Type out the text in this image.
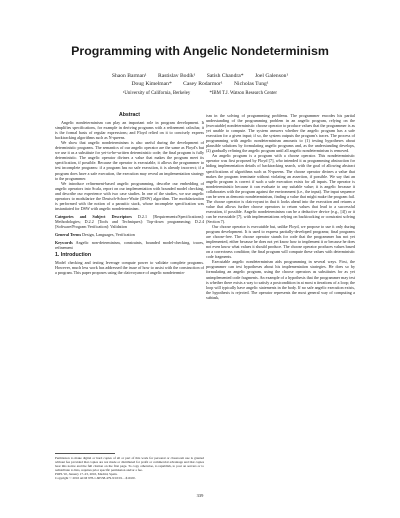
Programming with Angelic Nondeterminism
Shaon Barman¹ Rastislav Bodík¹ Satish Chandra* Joel Galenson¹
Doug Kimelman* Casey Rodarmor¹ Nicholas Tung¹
¹University of California, Berkeley	*IBM T.J. Watson Research Center
Abstract

Angelic nondeterminism can play an important role in program development. It simplifies specifications, for example in deriving programs with a refinement calculus; it is the formal basis of regular expressions; and Floyd relied on it to concisely express backtracking algorithms such as N-queens.

We show that angelic nondeterminism is also useful during the development of deterministic programs. The semantics of our angelic operator are the same as Floyd's but we use it as a substitute for yet-to-be-written deterministic code; the final program is fully deterministic. The angelic operator divines a value that makes the program meet its specification, if possible. Because the operator is executable, it allows the programmer to test incomplete programs: if a program has no safe execution, it is already incorrect; if a program does have a safe execution, the execution may reveal an implementation strategy to the programmer.

We introduce refinement-based angelic programming, describe our embedding of angelic operators into Scala, report on our implementation with bounded model checking, and describe our experience with two case studies. In one of the studies, we use angelic operators to modularize the Deutsch-Schorr-Waite (DSW) algorithm. The modularization is performed with the notion of a parasitic stack, whose incomplete specification was instantiated for DSW with angelic nondeterminism.

Categories and Subject Descriptors D.2.1 [Requirements/Specifications]: Methodologies; D.2.2 [Tools and Techniques]: Top-down programming; D.2.4 [Software/Program Verification]: Validation

General Terms Design, Languages, Verification

Keywords Angelic non-determinism, constraints, bounded model-checking, traces, refinement

1. Introduction

Model checking and testing leverage compute power to validate complete programs. However, much less work has addressed the issue of how to assist with the construction of a program. This paper proposes using the clairvoyance of angelic nondetermin-

Permission to make digital or hard copies of all or part of this work for personal or classroom use is granted without fee provided that copies are not made or distributed for profit or commercial advantage and that copies bear this notice and the full citation on the first page. To copy otherwise, to republish, to post on servers or to redistribute to lists, requires prior specific permission and/or a fee.
POPL'10, January 17–23, 2010, Madrid, Spain.
Copyright © 2010 ACM 978-1-60558-479-9/10/01…$10.00.

ism in the solving of programming problems. The programmer encodes his partial understanding of the programming problem in an angelic program, relying on the (executable) nondeterministic choose operator to produce values that the programmer is as yet unable to compute. The system answers whether the angelic program has a safe execution for a given input; if so, the system outputs the program's traces. The process of programming with angelic nondeterminism amounts to (1) testing hypotheses about plausible solutions by formulating angelic programs and, as the understanding develops, (2) gradually refining the angelic program until all angelic nondeterminism is removed.

An angelic program is a program with a choose operator. This nondeterministic operator was first proposed by Floyd [7], who intended it as programming abstraction for hiding implementation details of backtracking search, with the goal of allowing abstract specifications of algorithms such as N-queens. The choose operator divines a value that makes the program terminate without violating an assertion, if possible. We say that an angelic program is correct if such a safe execution exists for all inputs. The operator is nondeterministic because it can evaluate to any suitable value; it is angelic because it collaborates with the program against the environment (i.e., the input). The input sequence can be seen as demonic nondeterminism, finding a value that might make the program fail. The choose operator is clairvoyant in that it looks ahead into the execution and returns a value that allows further choose operators to return values that lead to a successful execution, if possible. Angelic nondeterminism can be a deductive device (e.g., [4]) or it can be executable [7], with implementations relying on backtracking or constraint solving (Section 7).

Our choose operator is executable but, unlike Floyd, we propose to use it only during program development. It is used to express partially-developed programs; final programs are choose-free. The choose operator stands for code that the programmer has not yet implemented, either because he does not yet know how to implement it or because he does not even know what values it should produce. The choose operator produces values based on a correctness condition; the final program will compute these values with deterministic code fragments.

Executable angelic nondeterminism aids programming in several ways. First, the programmer can test hypotheses about his implementation strategies. He does so by formulating an angelic program, using the choose operators as substitutes for as yet unimplemented code fragments. An example of a hypothesis that the programmer may test is whether there exists a way to satisfy a postcondition in at most n iterations of a loop; the loop will typically have angelic statements in the body. If no safe angelic execution exists, the hypothesis is rejected. The operator represents the most general way of computing a subtask,

339
